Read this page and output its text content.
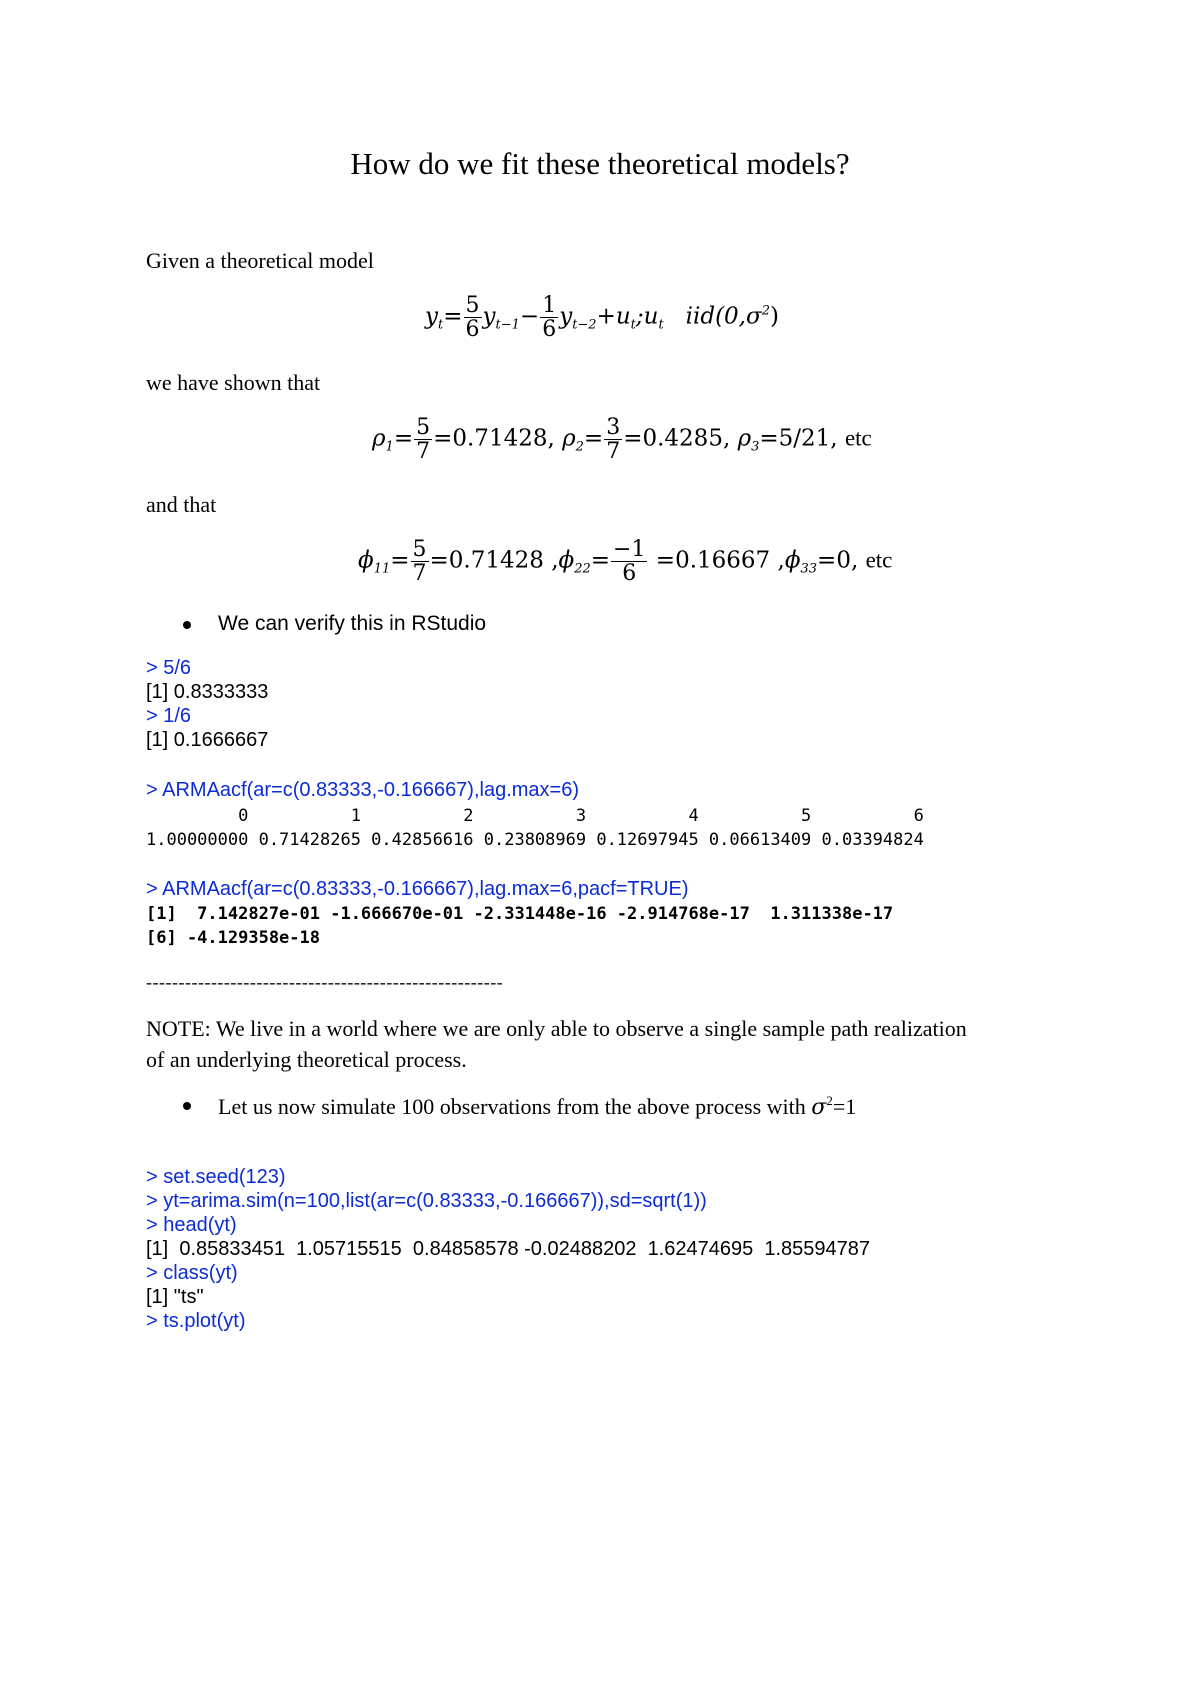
How do we fit these theoretical models?
Given a theoretical model
$y_t= \frac{5}{6} y_{t-1}- \frac{1}{6}$ $y_{t-2}+u_t;u_t$ $iid(0,\sigma^2)$
we have shown that
$\rho_1= \frac{5}{7} =0.71428$, $\rho_2= \frac{3}{7} =0.4285$, $\rho_3=5/21$, etc
and that
$\phi_{11}= \frac{5}{7} =0.71428$ $,\phi_{22}= \frac{-1}{6} =0.16667$ $,\phi_{33}=0$, etc
We can verify this in RStudio
> 5/6
[1] 0.8333333
> 1/6
[1] 0.1666667
> ARMAacf(ar=c(0.83333,-0.166667),lag.max=6)
0          1          2          3          4          5          6
1.00000000 0.71428265 0.42856616 0.23808969 0.12697945 0.06613409 0.03394824
> ARMAacf(ar=c(0.83333,-0.166667),lag.max=6,pacf=TRUE)
[1]  7.142827e-01 -1.666670e-01 -2.331448e-16 -2.914768e-17  1.311338e-17
[6] -4.129358e-18
-------------------------------------------------------
NOTE: We live in a world where we are only able to observe a single sample path realization
of an underlying theoretical process.
Let us now simulate 100 observations from the above process with $\sigma^2=1$
> set.seed(123)
> yt=arima.sim(n=100,list(ar=c(0.83333,-0.166667)),sd=sqrt(1))
> head(yt)
[1]  0.85833451  1.05715515  0.84858578 -0.02488202  1.62474695  1.85594787
> class(yt)
[1] "ts"
> ts.plot(yt)
